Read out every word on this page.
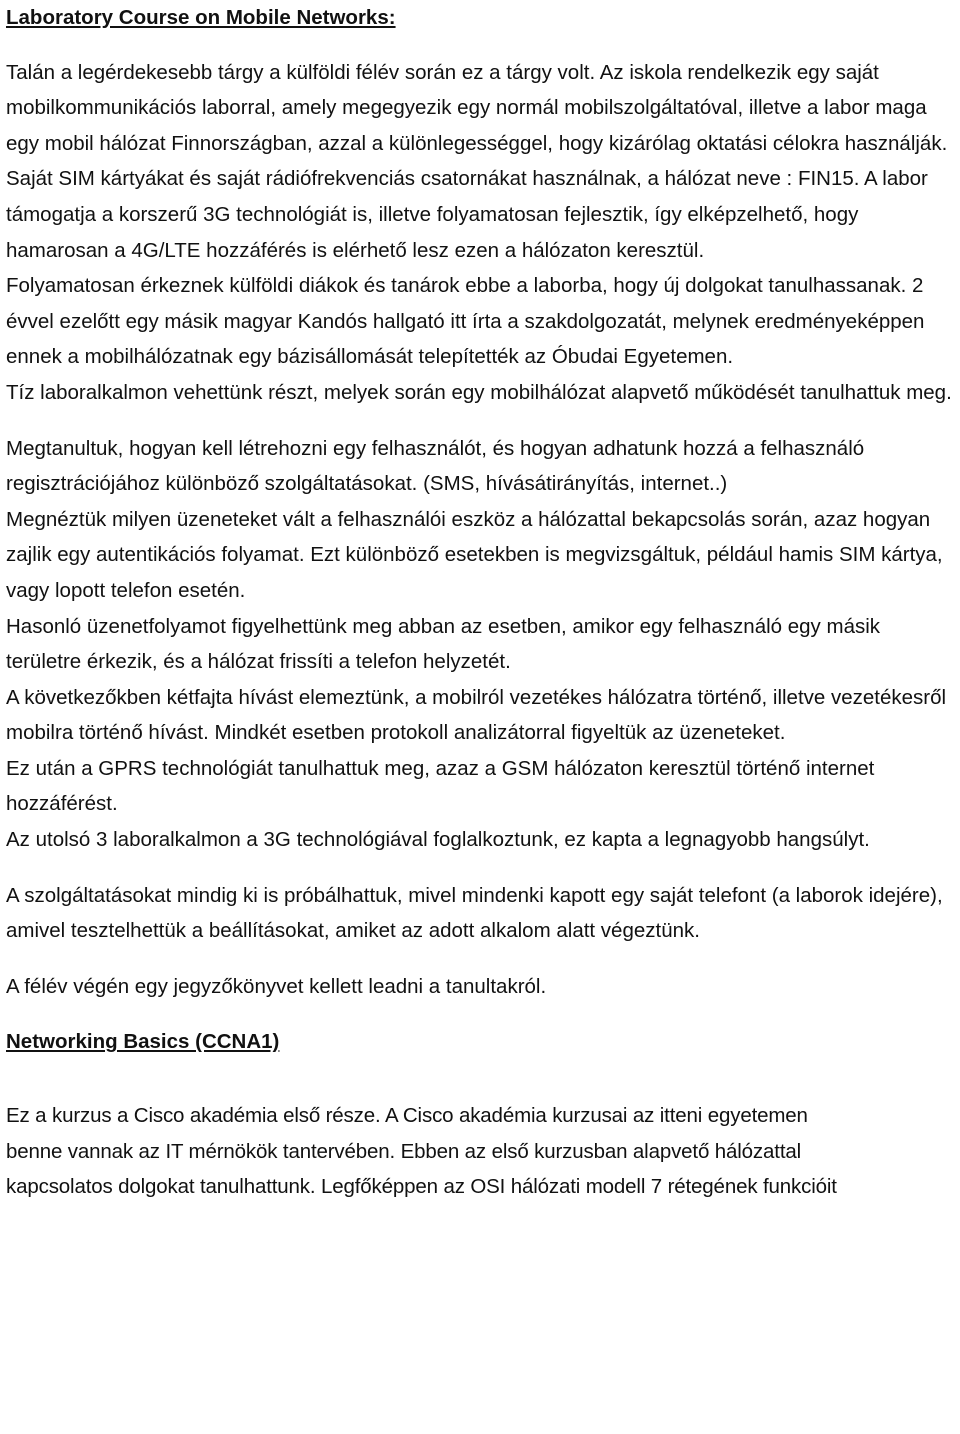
Laboratory Course on Mobile Networks:

Talán a legérdekesebb tárgy a külföldi félév során ez a tárgy volt. Az iskola rendelkezik egy saját mobilkommunikációs laborral, amely megegyezik egy normál mobilszolgáltatóval, illetve a labor maga egy mobil hálózat Finnországban, azzal a különlegességgel, hogy kizárólag oktatási célokra használják. Saját SIM kártyákat és saját rádiófrekvenciás csatornákat használnak, a hálózat neve : FIN15. A labor támogatja a korszerű 3G technológiát is, illetve folyamatosan fejlesztik, így elképzelhető, hogy hamarosan a 4G/LTE hozzáférés is elérhető lesz ezen a hálózaton keresztül.

Folyamatosan érkeznek külföldi diákok és tanárok ebbe a laborba, hogy új dolgokat tanulhassanak. 2 évvel ezelőtt egy másik magyar Kandós hallgató itt írta a szakdolgozatát, melynek eredményeképpen ennek a mobilhálózatnak egy bázisállomását telepítették az Óbudai Egyetemen.

Tíz laboralkalmon vehettünk részt, melyek során egy mobilhálózat alapvető működését tanulhattuk meg.

Megtanultuk, hogyan kell létrehozni egy felhasználót, és hogyan adhatunk hozzá a felhasználó regisztrációjához különböző szolgáltatásokat. (SMS, hívásátirányítás, internet..)

Megnéztük milyen üzeneteket vált a felhasználói eszköz a hálózattal bekapcsolás során, azaz hogyan zajlik egy autentikációs folyamat. Ezt különböző esetekben is megvizsgáltuk, például hamis SIM kártya, vagy lopott telefon esetén.

Hasonló üzenetfolyamot figyelhettünk meg abban az esetben, amikor egy felhasználó egy másik területre érkezik, és a hálózat frissíti a telefon helyzetét.

A következőkben kétfajta hívást elemeztünk, a mobilról vezetékes hálózatra történő, illetve vezetékesről mobilra történő hívást. Mindkét esetben protokoll analizátorral figyeltük az üzeneteket.

Ez után a GPRS technológiát tanulhattuk meg, azaz a GSM hálózaton keresztül történő internet hozzáférést.

Az utolsó 3 laboralkalmon a 3G technológiával foglalkoztunk, ez kapta a legnagyobb hangsúlyt.

A szolgáltatásokat mindig ki is próbálhattuk, mivel mindenki kapott egy saját telefont (a laborok idejére), amivel tesztelhettük a beállításokat, amiket az adott alkalom alatt végeztünk.

A félév végén egy jegyzőkönyvet kellett leadni a tanultakról.

Networking Basics (CCNA1)
Ez a kurzus a Cisco akadémia első része. A Cisco akadémia kurzusai az itteni egyetemen
benne vannak az IT mérnökök tantervében. Ebben az első kurzusban alapvető hálózattal
kapcsolatos dolgokat tanulhattunk. Legfőképpen az OSI hálózati modell 7 rétegének funkcióit
